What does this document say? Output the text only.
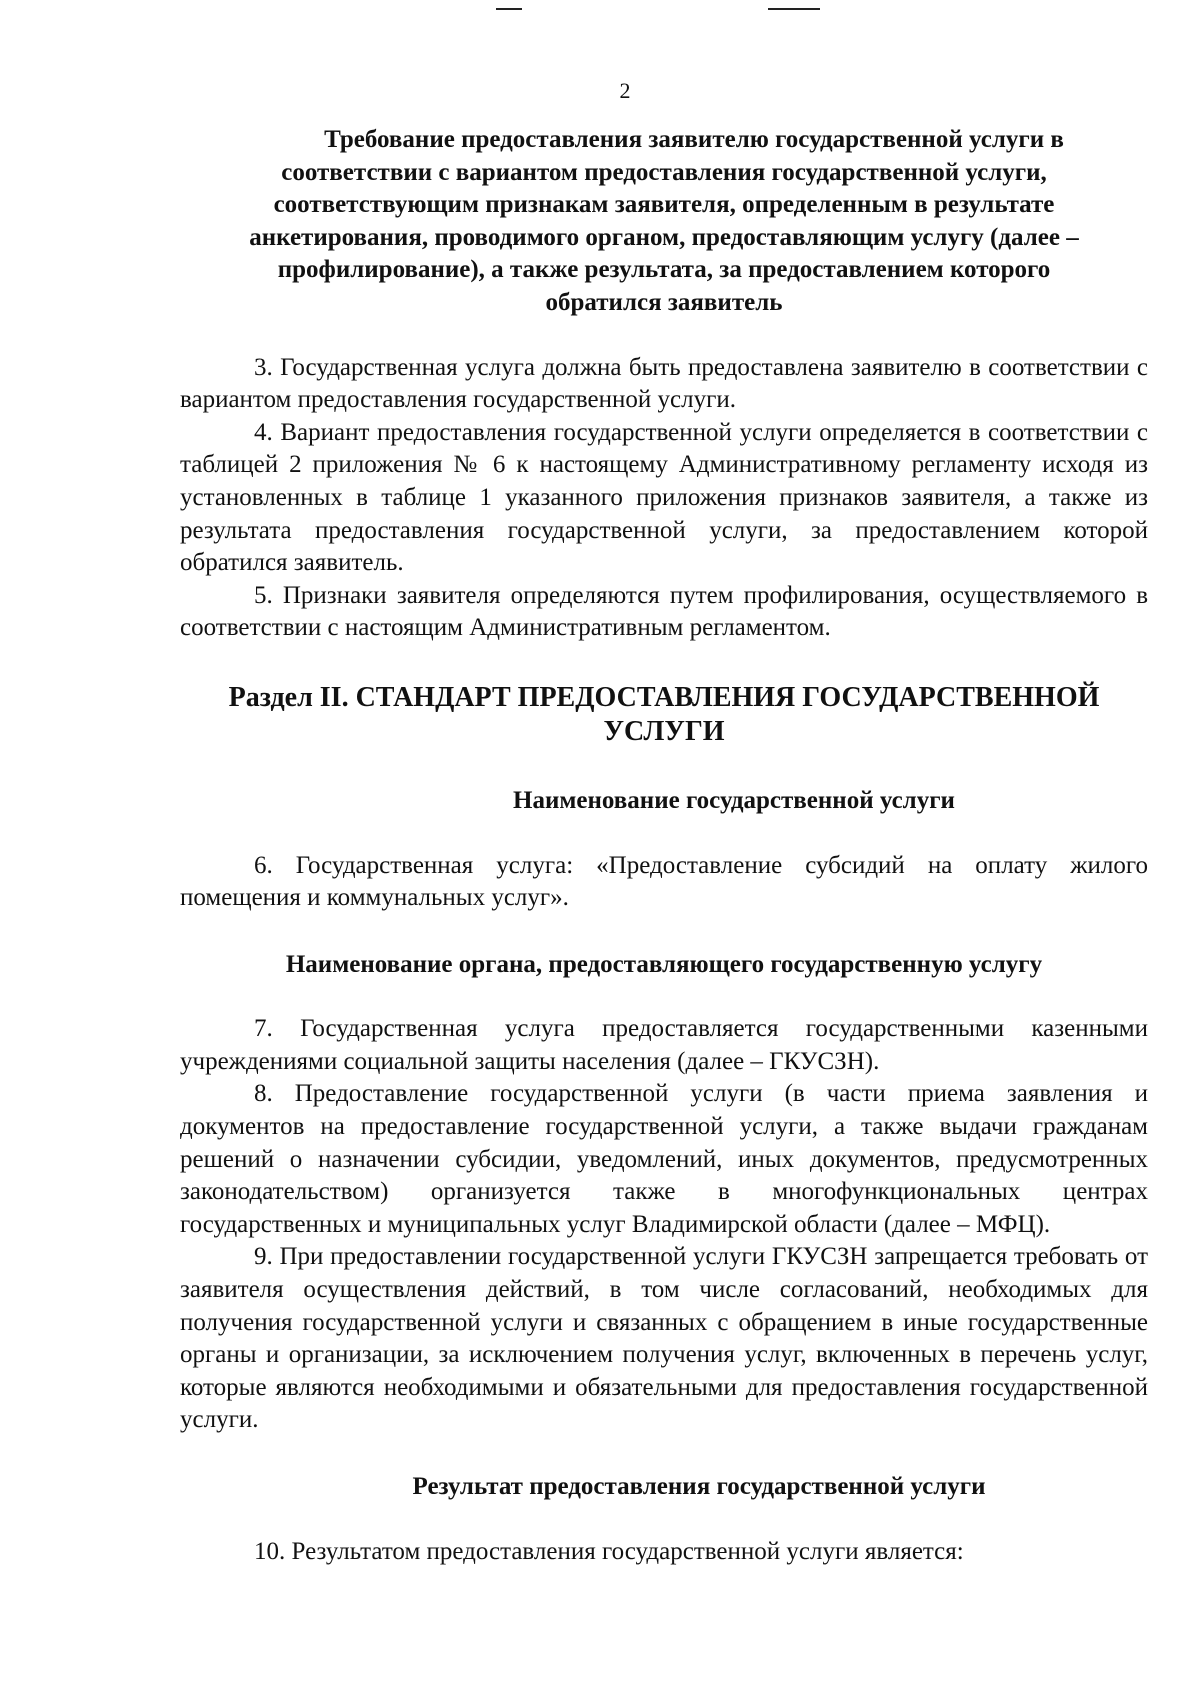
2
Требование предоставления заявителю государственной услуги в
соответствии с вариантом предоставления государственной услуги,
соответствующим признакам заявителя, определенным в результате
анкетирования, проводимого органом, предоставляющим услугу (далее –
профилирование), а также результата, за предоставлением которого
обратился заявитель

3. Государственная услуга должна быть предоставлена заявителю в соответствии с вариантом предоставления государственной услуги.

4. Вариант предоставления государственной услуги определяется в соответствии с таблицей 2 приложения № 6 к настоящему Административному регламенту исходя из установленных в таблице 1 указанного приложения признаков заявителя, а также из результата предоставления государственной услуги, за предоставлением которой обратился заявитель.

5. Признаки заявителя определяются путем профилирования, осуществляемого в соответствии с настоящим Административным регламентом.

Раздел II. СТАНДАРТ ПРЕДОСТАВЛЕНИЯ ГОСУДАРСТВЕННОЙ УСЛУГИ

Наименование государственной услуги

6. Государственная услуга: «Предоставление субсидий на оплату жилого помещения и коммунальных услуг».

Наименование органа, предоставляющего государственную услугу

7. Государственная услуга предоставляется государственными казенными учреждениями социальной защиты населения (далее – ГКУСЗН).

8. Предоставление государственной услуги (в части приема заявления и документов на предоставление государственной услуги, а также выдачи гражданам решений о назначении субсидии, уведомлений, иных документов, предусмотренных законодательством) организуется также в многофункциональных центрах государственных и муниципальных услуг Владимирской области (далее – МФЦ).

9. При предоставлении государственной услуги ГКУСЗН запрещается требовать от заявителя осуществления действий, в том числе согласований, необходимых для получения государственной услуги и связанных с обращением в иные государственные органы и организации, за исключением получения услуг, включенных в перечень услуг, которые являются необходимыми и обязательными для предоставления государственной услуги.

Результат предоставления государственной услуги

10. Результатом предоставления государственной услуги является:
